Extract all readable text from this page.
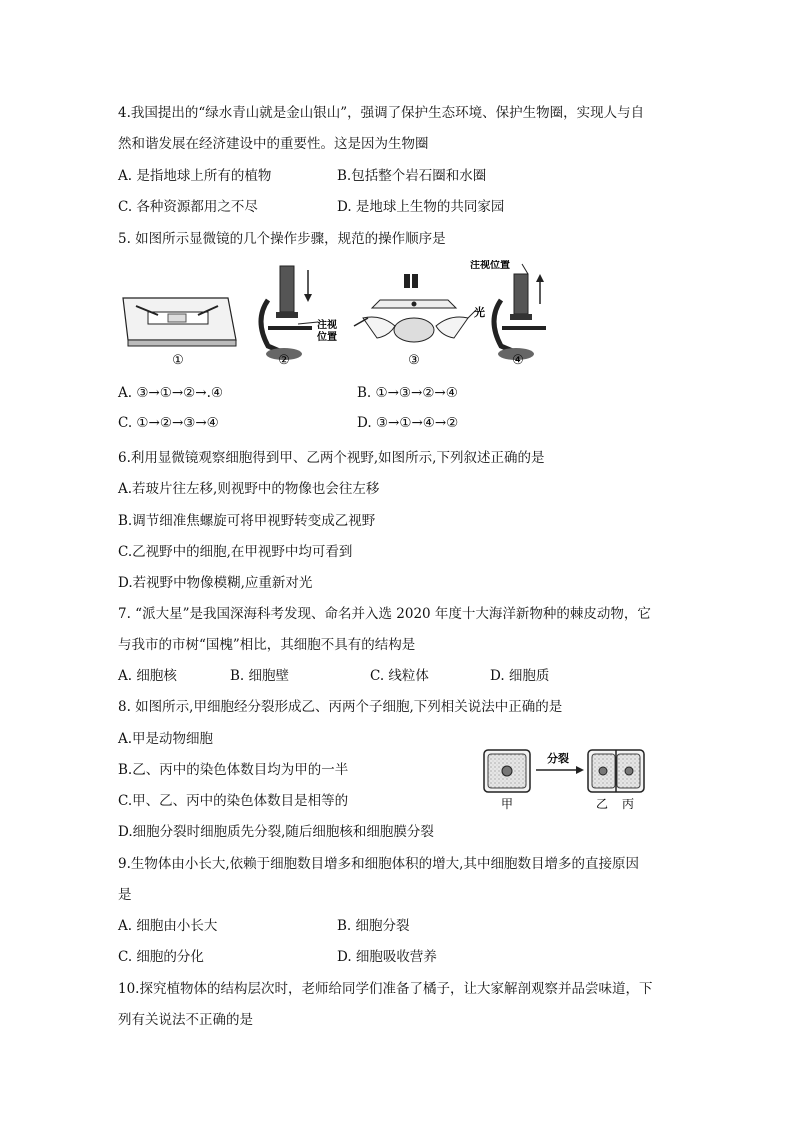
4.我国提出的“绿水青山就是金山银山”，强调了保护生态环境、保护生物圈，实现人与自
然和谐发展在经济建设中的重要性。这是因为生物圈
A. 是指地球上所有的植物	B.包括整个岩石圈和水圈
C. 各种资源都用之不尽	D. 是地球上生物的共同家园
5. 如图所示显微镜的几个操作步骤，规范的操作顺序是
①
注视
位置
②
光
③
注视位置
④
A. ③→①→②→.④	B. ①→③→②→④
C. ①→②→③→④	D. ③→①→④→②
6.利用显微镜观察细胞得到甲、乙两个视野,如图所示,下列叙述正确的是
A.若玻片往左移,则视野中的物像也会往左移
B.调节细准焦螺旋可将甲视野转变成乙视野
C.乙视野中的细胞,在甲视野中均可看到
D.若视野中物像模糊,应重新对光
7. “派大星”是我国深海科考发现、命名并入选 2020 年度十大海洋新物种的棘皮动物，它
与我市的市树“国槐”相比，其细胞不具有的结构是
A. 细胞核	B. 细胞壁	C. 线粒体	D. 细胞质
8. 如图所示,甲细胞经分裂形成乙、丙两个子细胞,下列相关说法中正确的是
A.甲是动物细胞
B.乙、丙中的染色体数目均为甲的一半
C.甲、乙、丙中的染色体数目是相等的
D.细胞分裂时细胞质先分裂,随后细胞核和细胞膜分裂
分裂
甲	乙 丙
9.生物体由小长大,依赖于细胞数目增多和细胞体积的增大,其中细胞数目增多的直接原因
是
A. 细胞由小长大	B. 细胞分裂
C. 细胞的分化	D. 细胞吸收营养
10.探究植物体的结构层次时，老师给同学们准备了橘子，让大家解剖观察并品尝味道，下
列有关说法不正确的是
